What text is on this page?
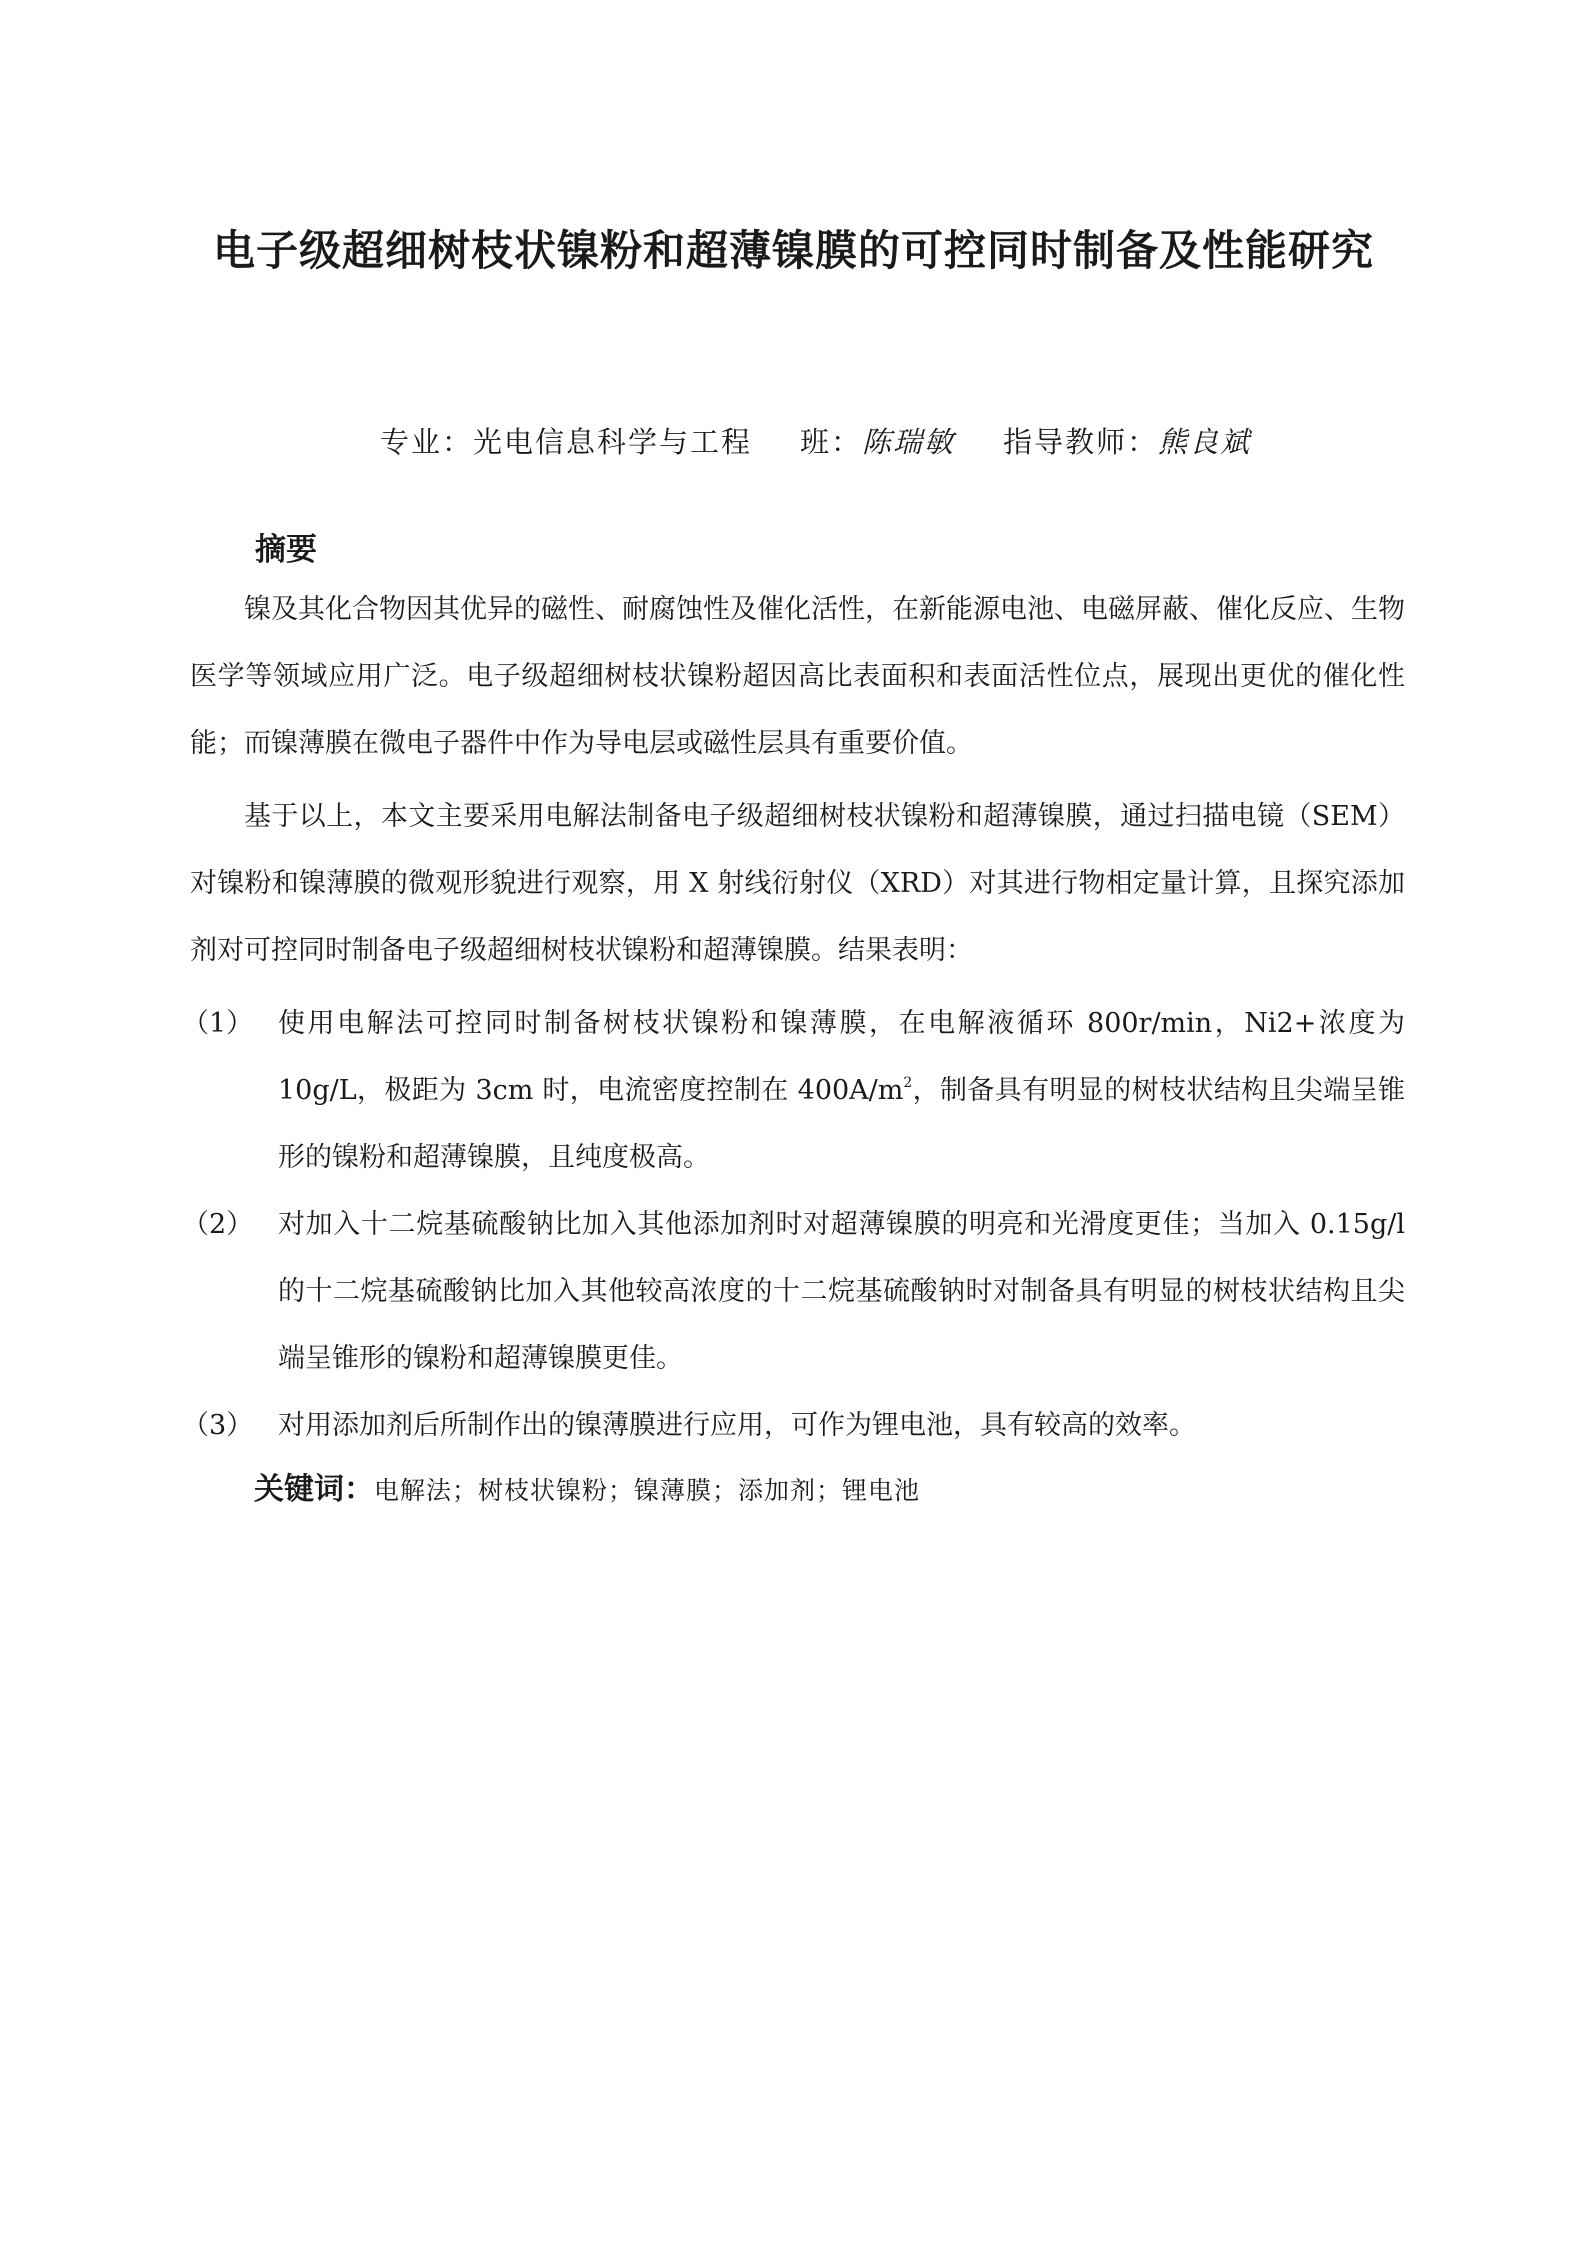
电子级超细树枝状镍粉和超薄镍膜的可控同时制备及性能研究
专业：光电信息科学与工程 班：陈瑞敏 指导教师：熊良斌
摘要

镍及其化合物因其优异的磁性、耐腐蚀性及催化活性，在新能源电池、电磁屏蔽、催化反应、生物医学等领域应用广泛。电子级超细树枝状镍粉超因高比表面积和表面活性位点，展现出更优的催化性能；而镍薄膜在微电子器件中作为导电层或磁性层具有重要价值。

基于以上，本文主要采用电解法制备电子级超细树枝状镍粉和超薄镍膜，通过扫描电镜（SEM）对镍粉和镍薄膜的微观形貌进行观察，用 X 射线衍射仪（XRD）对其进行物相定量计算，且探究添加剂对可控同时制备电子级超细树枝状镍粉和超薄镍膜。结果表明：

（1） 使用电解法可控同时制备树枝状镍粉和镍薄膜，在电解液循环 800r/min，Ni2+浓度为 10g/L，极距为 3cm 时，电流密度控制在 $400A/m^2$，制备具有明显的树枝状结构且尖端呈锥形的镍粉和超薄镍膜，且纯度极高。
（2） 对加入十二烷基硫酸钠比加入其他添加剂时对超薄镍膜的明亮和光滑度更佳；当加入 0.15g/l 的十二烷基硫酸钠比加入其他较高浓度的十二烷基硫酸钠时对制备具有明显的树枝状结构且尖端呈锥形的镍粉和超薄镍膜更佳。
（3） 对用添加剂后所制作出的镍薄膜进行应用，可作为锂电池，具有较高的效率。
关键词：电解法；树枝状镍粉；镍薄膜；添加剂；锂电池
